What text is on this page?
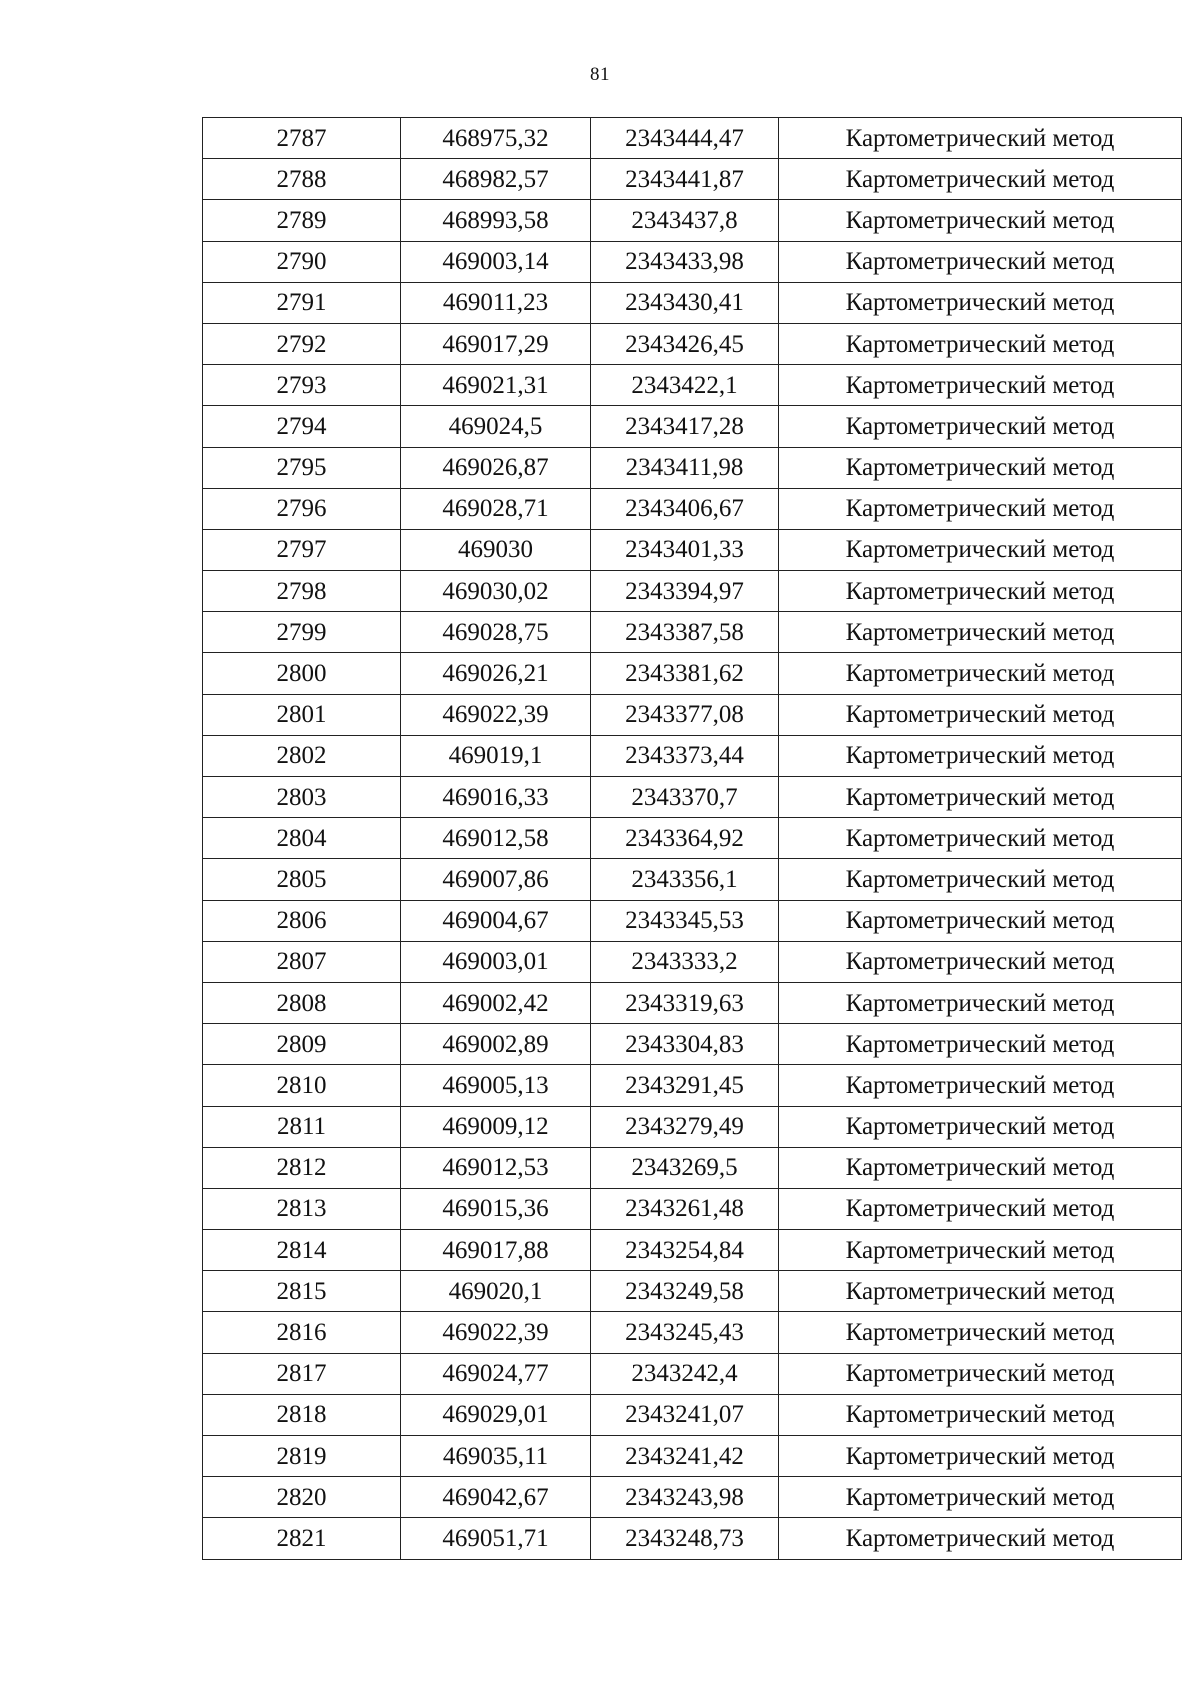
81
2787	468975,32	2343444,47	Картометрический метод
2788	468982,57	2343441,87	Картометрический метод
2789	468993,58	2343437,8	Картометрический метод
2790	469003,14	2343433,98	Картометрический метод
2791	469011,23	2343430,41	Картометрический метод
2792	469017,29	2343426,45	Картометрический метод
2793	469021,31	2343422,1	Картометрический метод
2794	469024,5	2343417,28	Картометрический метод
2795	469026,87	2343411,98	Картометрический метод
2796	469028,71	2343406,67	Картометрический метод
2797	469030	2343401,33	Картометрический метод
2798	469030,02	2343394,97	Картометрический метод
2799	469028,75	2343387,58	Картометрический метод
2800	469026,21	2343381,62	Картометрический метод
2801	469022,39	2343377,08	Картометрический метод
2802	469019,1	2343373,44	Картометрический метод
2803	469016,33	2343370,7	Картометрический метод
2804	469012,58	2343364,92	Картометрический метод
2805	469007,86	2343356,1	Картометрический метод
2806	469004,67	2343345,53	Картометрический метод
2807	469003,01	2343333,2	Картометрический метод
2808	469002,42	2343319,63	Картометрический метод
2809	469002,89	2343304,83	Картометрический метод
2810	469005,13	2343291,45	Картометрический метод
2811	469009,12	2343279,49	Картометрический метод
2812	469012,53	2343269,5	Картометрический метод
2813	469015,36	2343261,48	Картометрический метод
2814	469017,88	2343254,84	Картометрический метод
2815	469020,1	2343249,58	Картометрический метод
2816	469022,39	2343245,43	Картометрический метод
2817	469024,77	2343242,4	Картометрический метод
2818	469029,01	2343241,07	Картометрический метод
2819	469035,11	2343241,42	Картометрический метод
2820	469042,67	2343243,98	Картометрический метод
2821	469051,71	2343248,73	Картометрический метод
